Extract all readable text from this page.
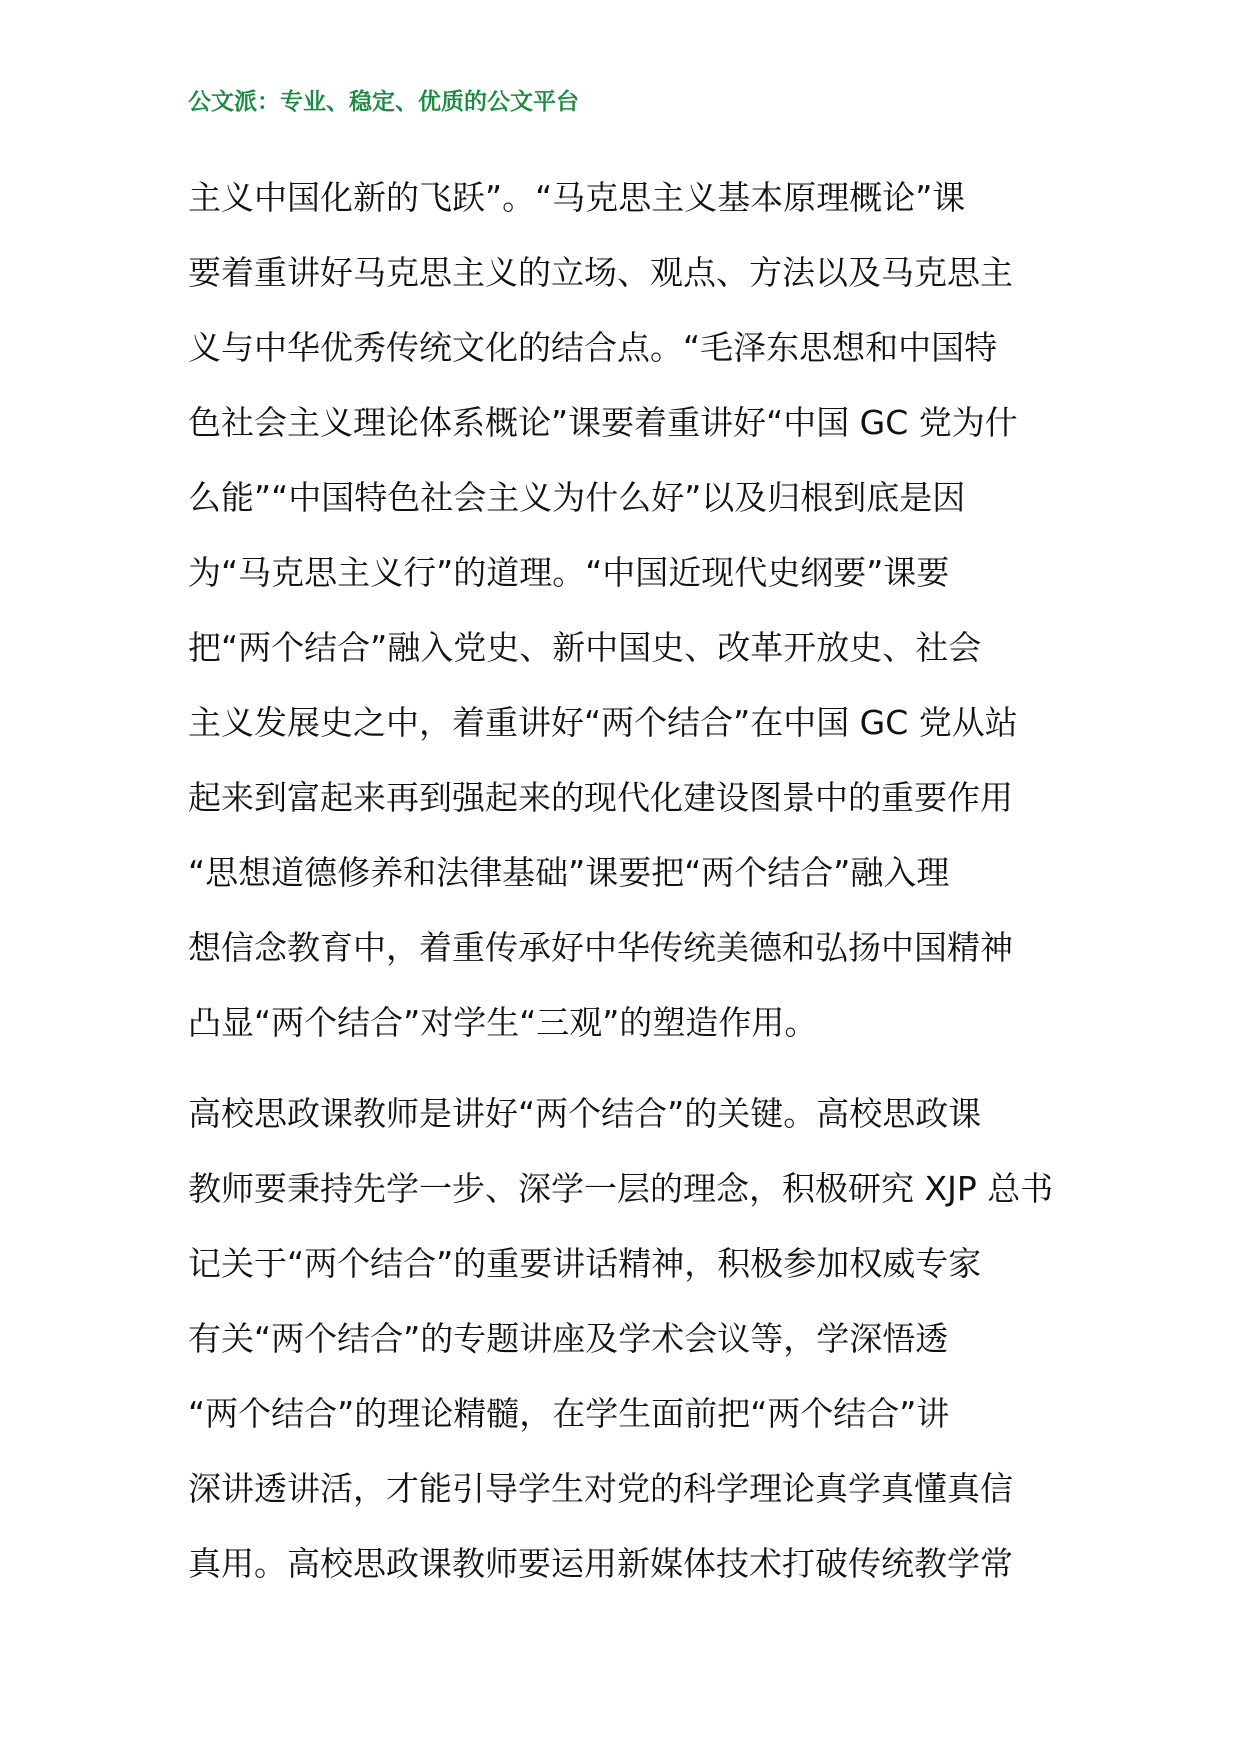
公文派：专业、稳定、优质的公文平台
主义中国化新的飞跃”。“马克思主义基本原理概论”课
要着重讲好马克思主义的立场、观点、方法以及马克思主
义与中华优秀传统文化的结合点。“毛泽东思想和中国特
色社会主义理论体系概论”课要着重讲好“中国 GC 党为什
么能”“中国特色社会主义为什么好”以及归根到底是因
为“马克思主义行”的道理。“中国近现代史纲要”课要
把“两个结合”融入党史、新中国史、改革开放史、社会
主义发展史之中，着重讲好“两个结合”在中国 GC 党从站
起来到富起来再到强起来的现代化建设图景中的重要作用
“思想道德修养和法律基础”课要把“两个结合”融入理
想信念教育中，着重传承好中华传统美德和弘扬中国精神
凸显“两个结合”对学生“三观”的塑造作用。
高校思政课教师是讲好“两个结合”的关键。高校思政课
教师要秉持先学一步、深学一层的理念，积极研究 XJP 总书
记关于“两个结合”的重要讲话精神，积极参加权威专家
有关“两个结合”的专题讲座及学术会议等，学深悟透
“两个结合”的理论精髓，在学生面前把“两个结合”讲
深讲透讲活，才能引导学生对党的科学理论真学真懂真信
真用。高校思政课教师要运用新媒体技术打破传统教学常
